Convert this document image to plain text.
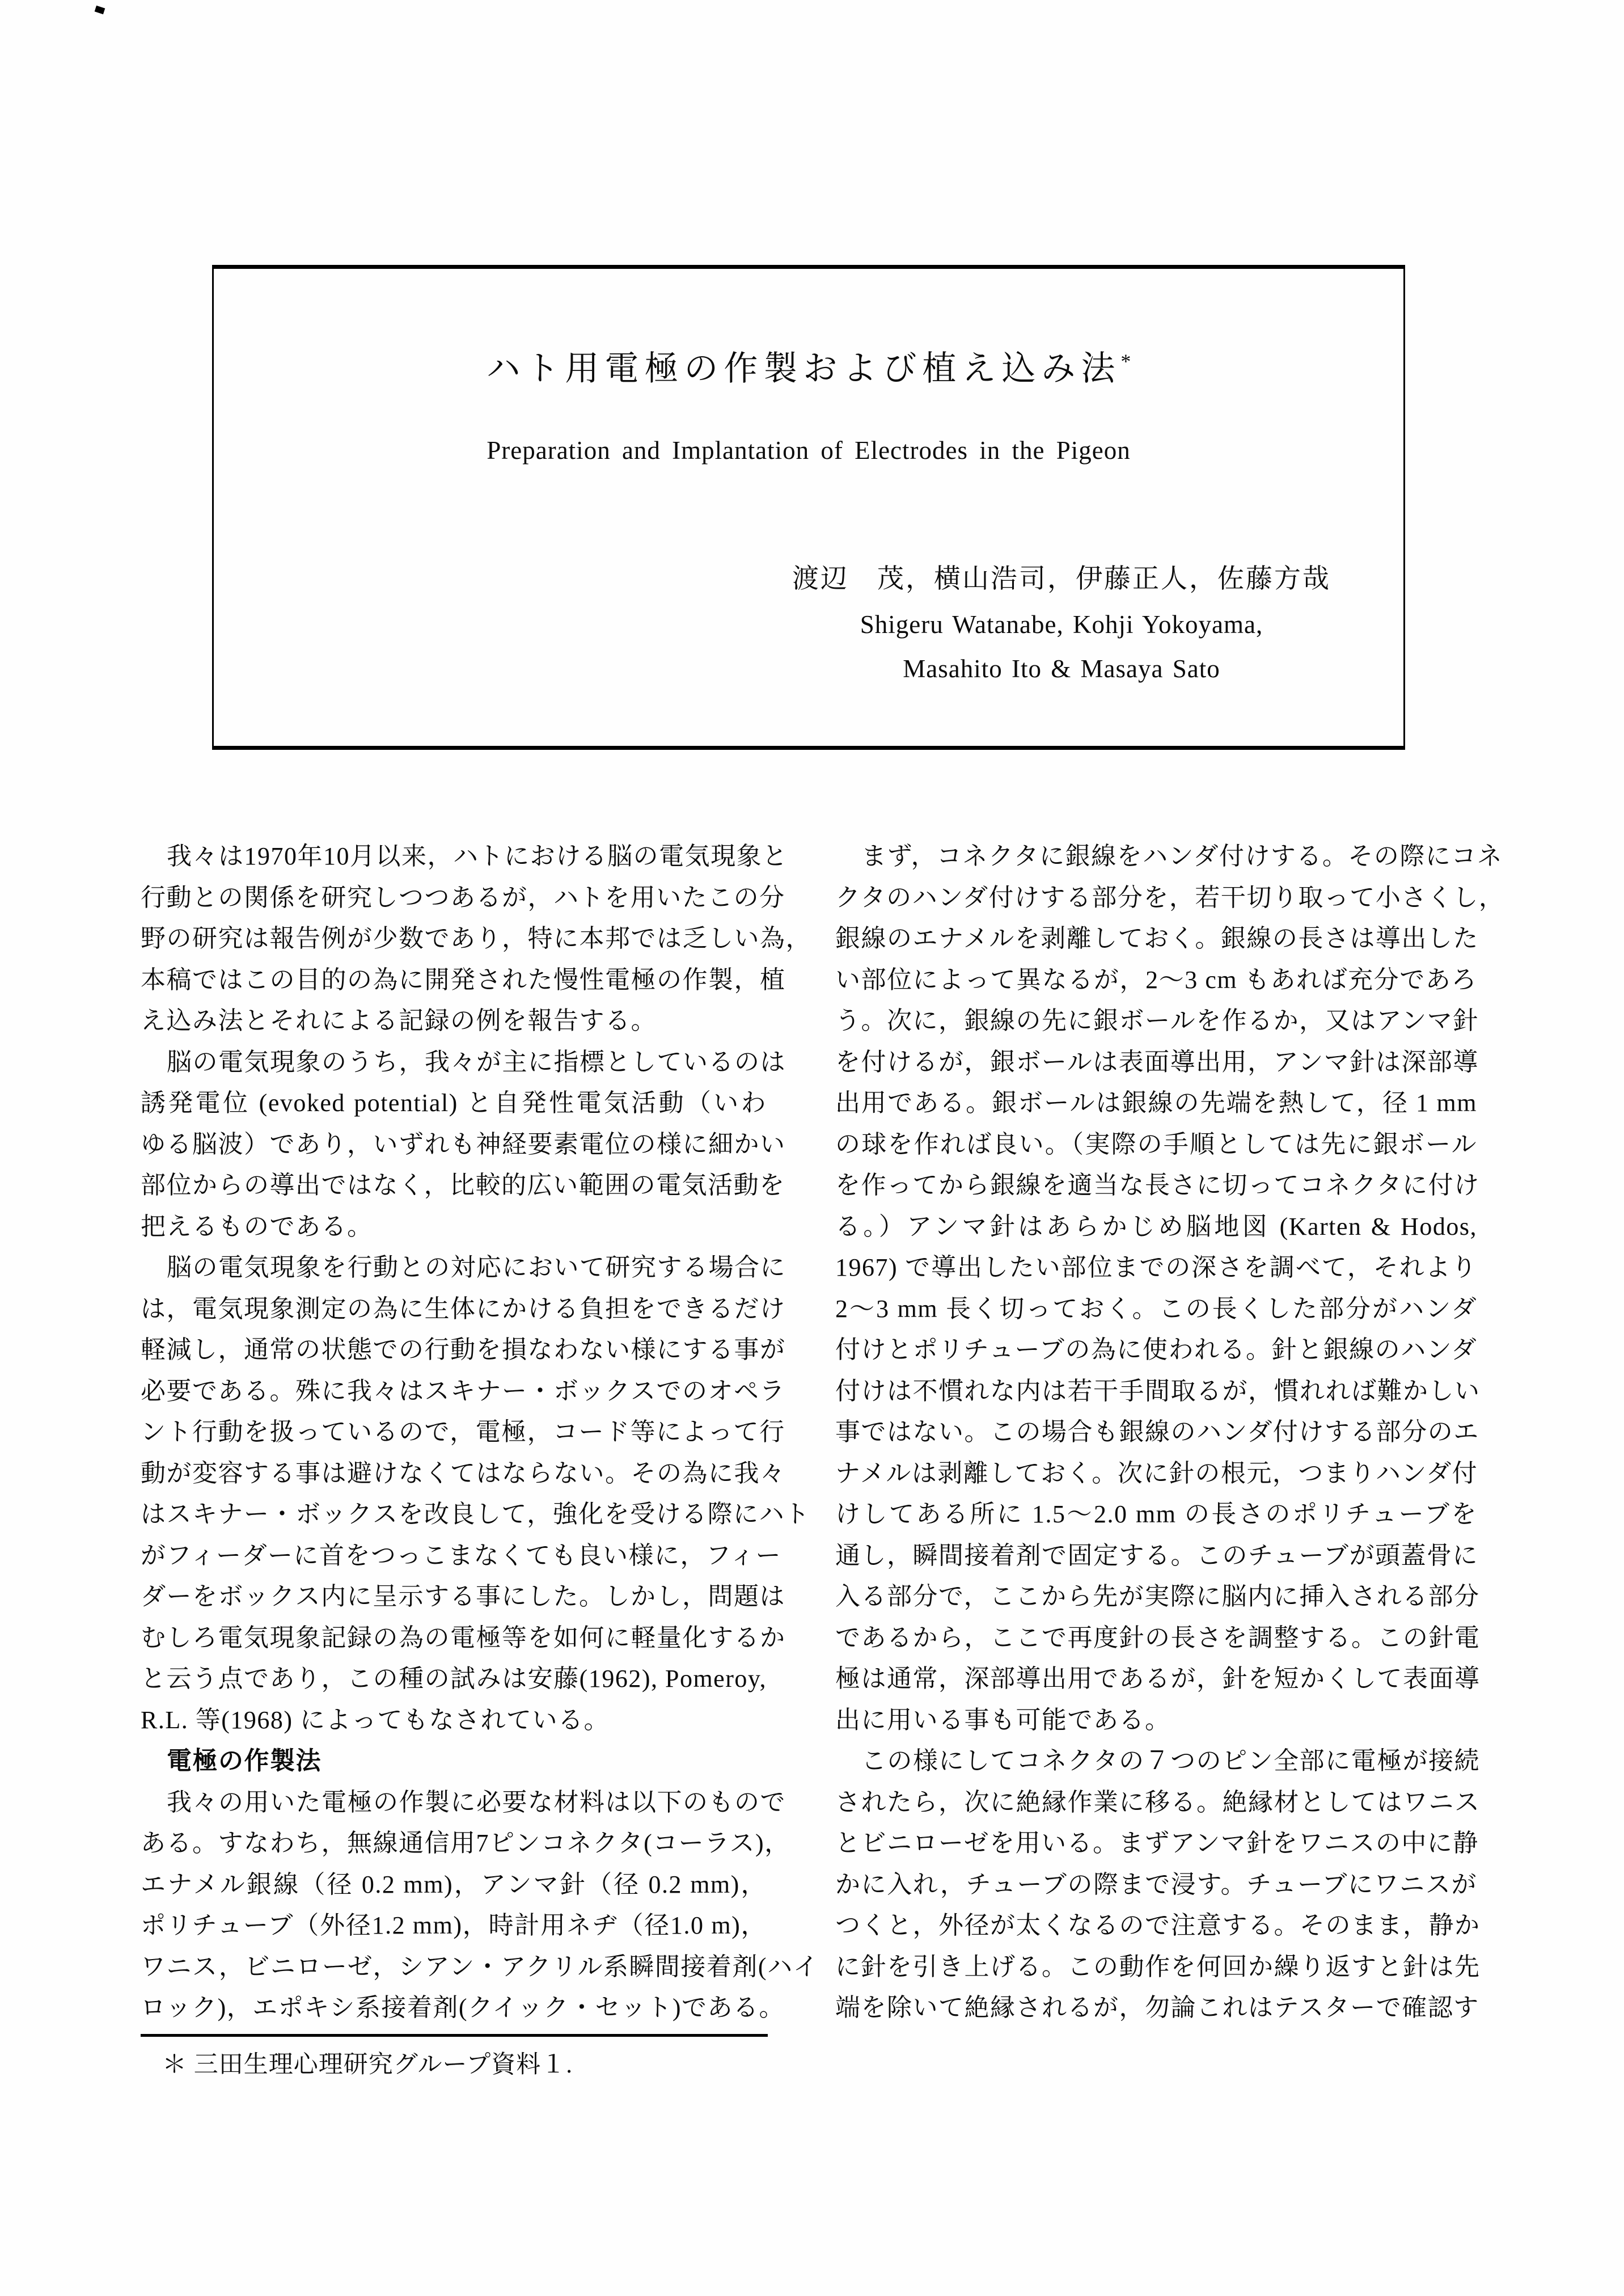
ハト用電極の作製および植え込み法*
Preparation and Implantation of Electrodes in the Pigeon
渡辺　茂，横山浩司，伊藤正人，佐藤方哉
Shigeru Watanabe, Kohji Yokoyama,
Masahito Ito & Masaya Sato
我々は1970年10月以来，ハトにおける脳の電気現象と
行動との関係を研究しつつあるが，ハトを用いたこの分
野の研究は報告例が少数であり，特に本邦では乏しい為，
本稿ではこの目的の為に開発された慢性電極の作製，植
え込み法とそれによる記録の例を報告する。
脳の電気現象のうち，我々が主に指標としているのは
誘発電位 (evoked potential) と自発性電気活動（いわ
ゆる脳波）であり，いずれも神経要素電位の様に細かい
部位からの導出ではなく，比較的広い範囲の電気活動を
把えるものである。
脳の電気現象を行動との対応において研究する場合に
は，電気現象測定の為に生体にかける負担をできるだけ
軽減し，通常の状態での行動を損なわない様にする事が
必要である。殊に我々はスキナー・ボックスでのオペラ
ント行動を扱っているので，電極，コード等によって行
動が変容する事は避けなくてはならない。その為に我々
はスキナー・ボックスを改良して，強化を受ける際にハト
がフィーダーに首をつっこまなくても良い様に，フィー
ダーをボックス内に呈示する事にした。しかし，問題は
むしろ電気現象記録の為の電極等を如何に軽量化するか
と云う点であり，この種の試みは安藤(1962), Pomeroy,
R.L. 等(1968) によってもなされている。
電極の作製法
我々の用いた電極の作製に必要な材料は以下のもので
ある。すなわち，無線通信用7ピンコネクタ(コーラス)，
エナメル銀線（径 0.2 mm)，アンマ針（径 0.2 mm)，
ポリチューブ（外径1.2 mm)，時計用ネヂ（径1.0 m)，
ワニス，ビニローゼ，シアン・アクリル系瞬間接着剤(ハイ
ロック)，エポキシ系接着剤(クイック・セット)である。
まず，コネクタに銀線をハンダ付けする。その際にコネ
クタのハンダ付けする部分を，若干切り取って小さくし，
銀線のエナメルを剥離しておく。銀線の長さは導出した
い部位によって異なるが，2～3 cm もあれば充分であろ
う。次に，銀線の先に銀ボールを作るか，又はアンマ針
を付けるが，銀ボールは表面導出用，アンマ針は深部導
出用である。銀ボールは銀線の先端を熱して，径 1 mm
の球を作れば良い。（実際の手順としては先に銀ボール
を作ってから銀線を適当な長さに切ってコネクタに付け
る。）アンマ針はあらかじめ脳地図 (Karten & Hodos,
1967) で導出したい部位までの深さを調べて，それより
2～3 mm 長く切っておく。この長くした部分がハンダ
付けとポリチューブの為に使われる。針と銀線のハンダ
付けは不慣れな内は若干手間取るが，慣れれば難かしい
事ではない。この場合も銀線のハンダ付けする部分のエ
ナメルは剥離しておく。次に針の根元，つまりハンダ付
けしてある所に 1.5～2.0 mm の長さのポリチューブを
通し，瞬間接着剤で固定する。このチューブが頭蓋骨に
入る部分で，ここから先が実際に脳内に挿入される部分
であるから，ここで再度針の長さを調整する。この針電
極は通常，深部導出用であるが，針を短かくして表面導
出に用いる事も可能である。
この様にしてコネクタの７つのピン全部に電極が接続
されたら，次に絶縁作業に移る。絶縁材としてはワニス
とビニローゼを用いる。まずアンマ針をワニスの中に静
かに入れ，チューブの際まで浸す。チューブにワニスが
つくと，外径が太くなるので注意する。そのまま，静か
に針を引き上げる。この動作を何回か繰り返すと針は先
端を除いて絶縁されるが，勿論これはテスターで確認す
＊ 三田生理心理研究グループ資料１.
